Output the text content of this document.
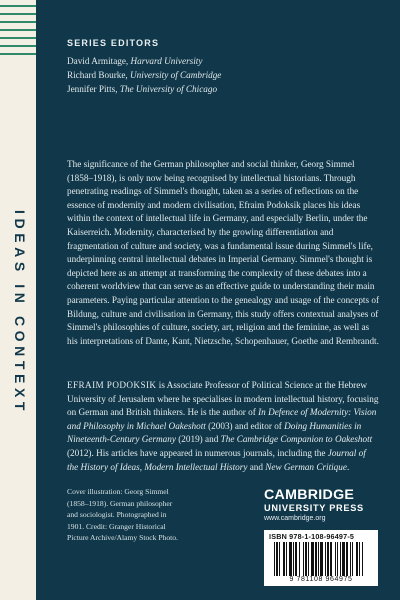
IDEAS IN CONTEXT
SERIES EDITORS
David Armitage, Harvard University
Richard Bourke, University of Cambridge
Jennifer Pitts, The University of Chicago

The significance of the German philosopher and social thinker, Georg Simmel (1858–1918), is only now being recognised by intellectual historians. Through penetrating readings of Simmel's thought, taken as a series of reflections on the essence of modernity and modern civilisation, Efraim Podoksik places his ideas within the context of intellectual life in Germany, and especially Berlin, under the Kaiserreich. Modernity, characterised by the growing differentiation and fragmentation of culture and society, was a fundamental issue during Simmel's life, underpinning central intellectual debates in Imperial Germany. Simmel's thought is depicted here as an attempt at transforming the complexity of these debates into a coherent worldview that can serve as an effective guide to understanding their main parameters. Paying particular attention to the genealogy and usage of the concepts of Bildung, culture and civilisation in Germany, this study offers contextual analyses of Simmel's philosophies of culture, society, art, religion and the feminine, as well as his interpretations of Dante, Kant, Nietzsche, Schopenhauer, Goethe and Rembrandt.

EFRAIM PODOKSIK is Associate Professor of Political Science at the Hebrew University of Jerusalem where he specialises in modern intellectual history, focusing on German and British thinkers. He is the author of In Defence of Modernity: Vision and Philosophy in Michael Oakeshott (2003) and editor of Doing Humanities in Nineteenth-Century Germany (2019) and The Cambridge Companion to Oakeshott (2012). His articles have appeared in numerous journals, including the Journal of the History of Ideas, Modern Intellectual History and New German Critique.

Cover illustration: Georg Simmel (1858–1918). German philosopher and sociologist. Photographed in 1901. Credit: Granger Historical Picture Archive/Alamy Stock Photo.

CAMBRIDGE
UNIVERSITY PRESS
www.cambridge.org
ISBN 978-1-108-96497-5
9 781108 964975
